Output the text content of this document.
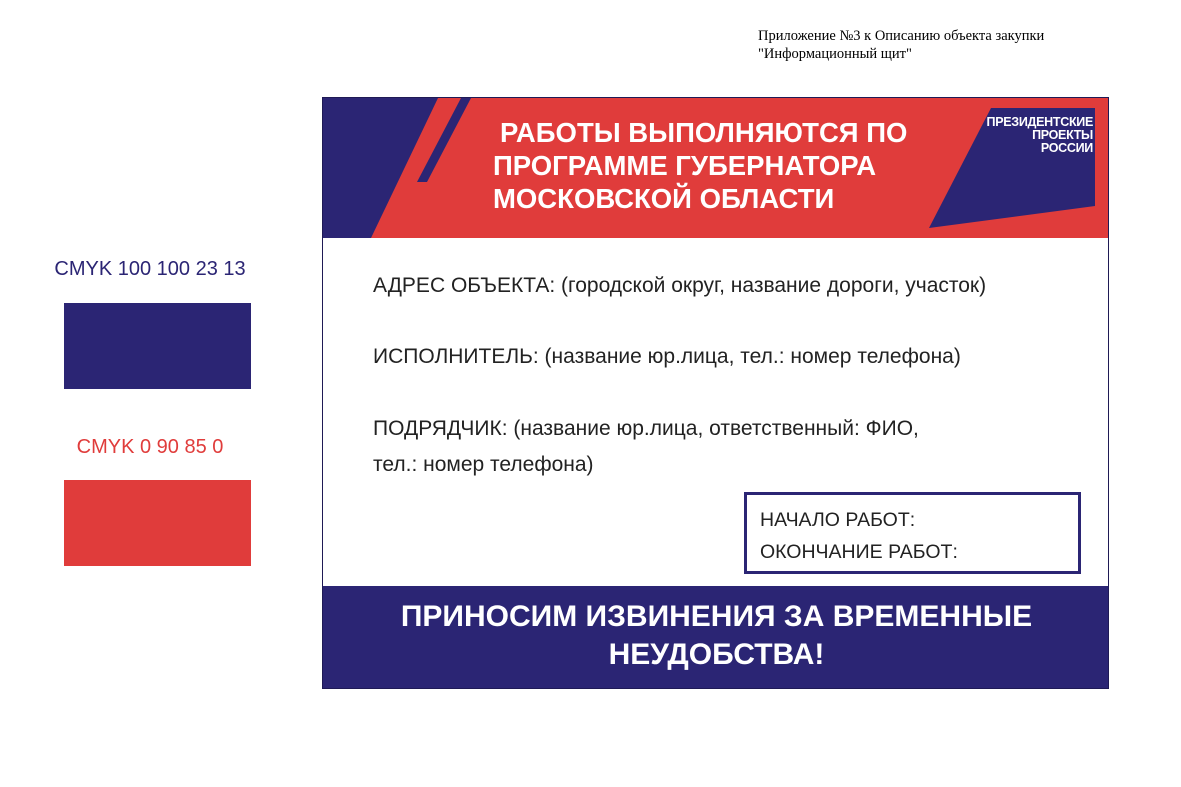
Приложение №3 к Описанию объекта закупки
"Информационный щит"
CMYK 100 100 23 13
CMYK 0 90 85 0
РАБОТЫ ВЫПОЛНЯЮТСЯ ПО
ПРОГРАММЕ ГУБЕРНАТОРА
МОСКОВСКОЙ ОБЛАСТИ
ПРЕЗИДЕНТСКИЕ
ПРОЕКТЫ
РОССИИ
АДРЕС ОБЪЕКТА: (городской округ, название дороги, участок)
ИСПОЛНИТЕЛЬ: (название юр.лица, тел.: номер телефона)
ПОДРЯДЧИК: (название юр.лица, ответственный: ФИО,
тел.: номер телефона)
НАЧАЛО РАБОТ:
ОКОНЧАНИЕ РАБОТ:
ПРИНОСИМ ИЗВИНЕНИЯ ЗА ВРЕМЕННЫЕ
НЕУДОБСТВА!
